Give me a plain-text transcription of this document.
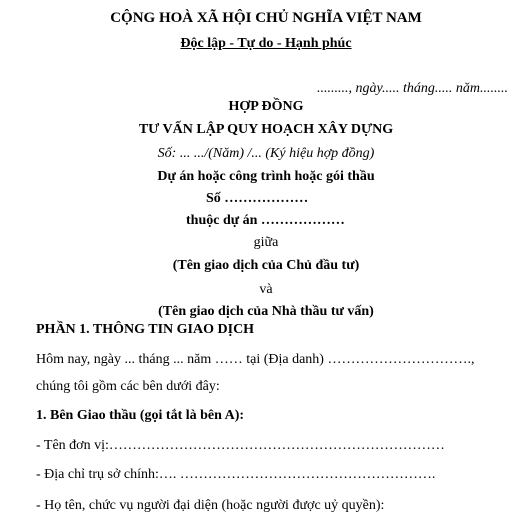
CỘNG HOÀ XÃ HỘI CHỦ NGHĨA VIỆT NAM
Độc lập - Tự do - Hạnh phúc
........., ngày..... tháng..... năm........
HỢP ĐỒNG
TƯ VẤN LẬP QUY HOẠCH XÂY DỰNG
Số: ... .../(Năm) /... (Ký hiệu hợp đồng)
Dự án hoặc công trình hoặc gói thầu
Số ………………
thuộc dự án ………………
giữa
(Tên giao dịch của Chủ đầu tư)
và
(Tên giao dịch của Nhà thầu tư vấn)
PHẦN 1. THÔNG TIN GIAO DỊCH
Hôm nay, ngày ... tháng ... năm …… tại (Địa danh) ………………………….,
chúng tôi gồm các bên dưới đây:
1. Bên Giao thầu (gọi tắt là bên A):
- Tên đơn vị:………………………………………………………………
- Địa chỉ trụ sở chính:…. ……………………………………………….
- Họ tên, chức vụ người đại diện (hoặc người được uỷ quyền):
